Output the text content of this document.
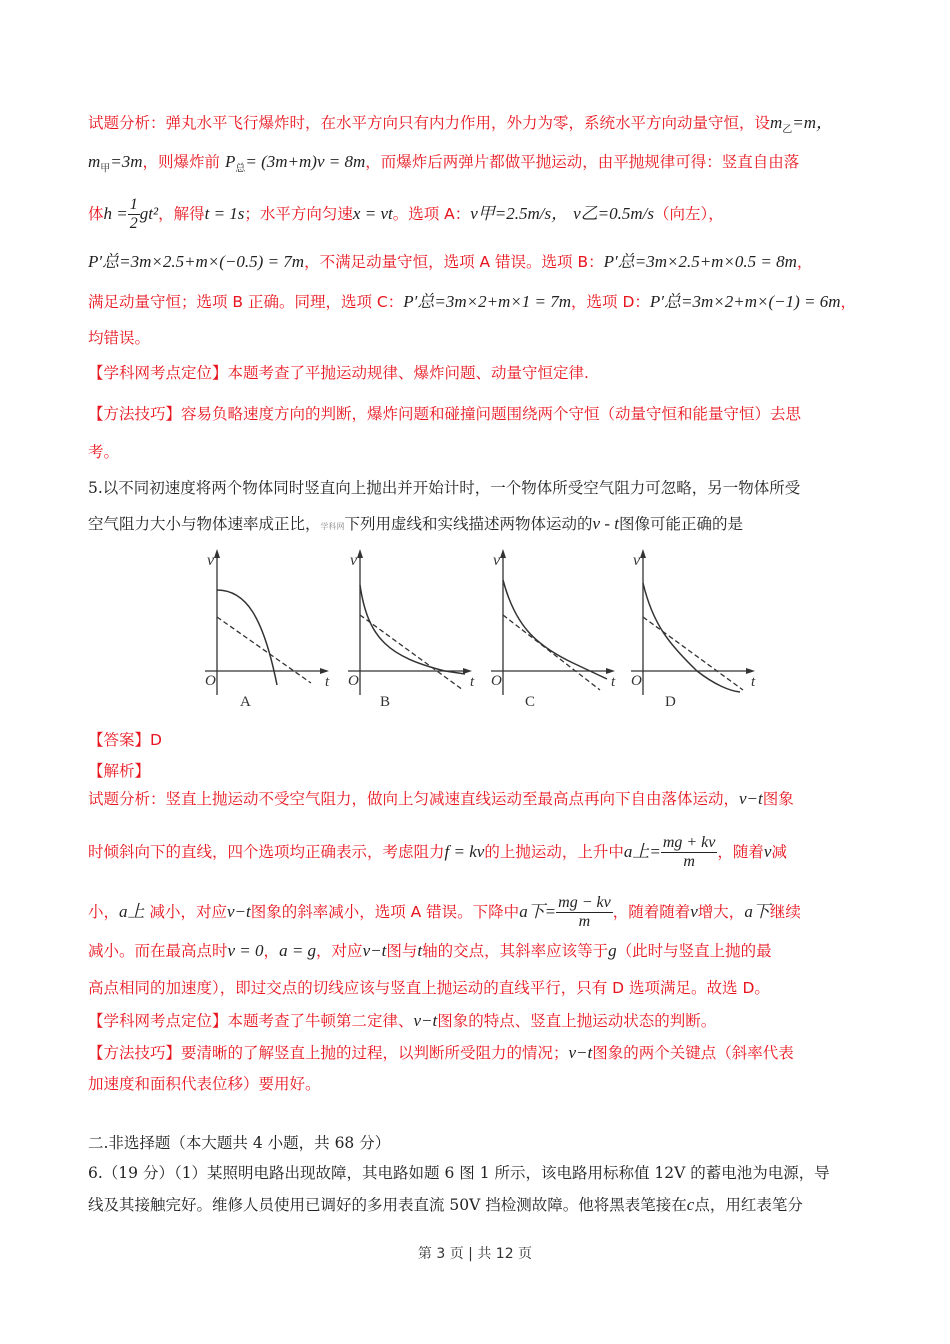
试题分析：弹丸水平飞行爆炸时，在水平方向只有内力作用，外力为零，系统水平方向动量守恒，设$m_乙=m$，
$m_甲=3m$，则爆炸前 $P_总= (3m+m)v = 8m$，而爆炸后两弹片都做平抛运动，由平抛规律可得：竖直自由落
体$h = \frac{1}{2} gt^2$，解得t = 1s；水平方向匀速x = vt。选项 A：v甲=2.5m/s， v乙=0.5m/s（向左），
P′总=3m×2.5+m×(−0.5) = 7m，不满足动量守恒，选项 A 错误。选项 B：P′总=3m×2.5+m×0.5 = 8m，
满足动量守恒；选项 B 正确。同理，选项 C：P′总=3m×2+m×1 = 7m，选项 D：P′总=3m×2+m×(−1) = 6m，
均错误。
【学科网考点定位】本题考查了平抛运动规律、爆炸问题、动量守恒定律.
【方法技巧】容易负略速度方向的判断，爆炸问题和碰撞问题围绕两个守恒（动量守恒和能量守恒）去思
考。
5.以不同初速度将两个物体同时竖直向上抛出并开始计时，一个物体所受空气阻力可忽略，另一物体所受
空气阻力大小与物体速率成正比，学科网下列用虚线和实线描述两物体运动的v - t图像可能正确的是
v
O	t
A
v
O	t
B
v
O	t
C
v
O	t
D
【答案】D
【解析】
试题分析：竖直上抛运动不受空气阻力，做向上匀减速直线运动至最高点再向下自由落体运动，v−t图象
时倾斜向下的直线，四个选项均正确表示，考虑阻力f = kv的上抛运动，上升中a上= $\frac{mg + kv}{m}$ ，随着v减
小，a上 减小，对应v−t图象的斜率减小，选项 A 错误。下降中a下= $\frac{mg - kv}{m}$ ，随着随着v增大，a下继续
减小。而在最高点时v = 0，a = g，对应v−t图与t轴的交点，其斜率应该等于g（此时与竖直上抛的最
高点相同的加速度），即过交点的切线应该与竖直上抛运动的直线平行，只有 D 选项满足。故选 D。
【学科网考点定位】本题考查了牛顿第二定律、v−t图象的特点、竖直上抛运动状态的判断。
【方法技巧】要清晰的了解竖直上抛的过程，以判断所受阻力的情况；v−t图象的两个关键点（斜率代表
加速度和面积代表位移）要用好。
二.非选择题（本大题共 4 小题，共 68 分）
6.（19 分）（1）某照明电路出现故障，其电路如题 6 图 1 所示，该电路用标称值 12V 的蓄电池为电源，导
线及其接触完好。维修人员使用已调好的多用表直流 50V 挡检测故障。他将黑表笔接在c点，用红表笔分
第 3 页 | 共 12 页
